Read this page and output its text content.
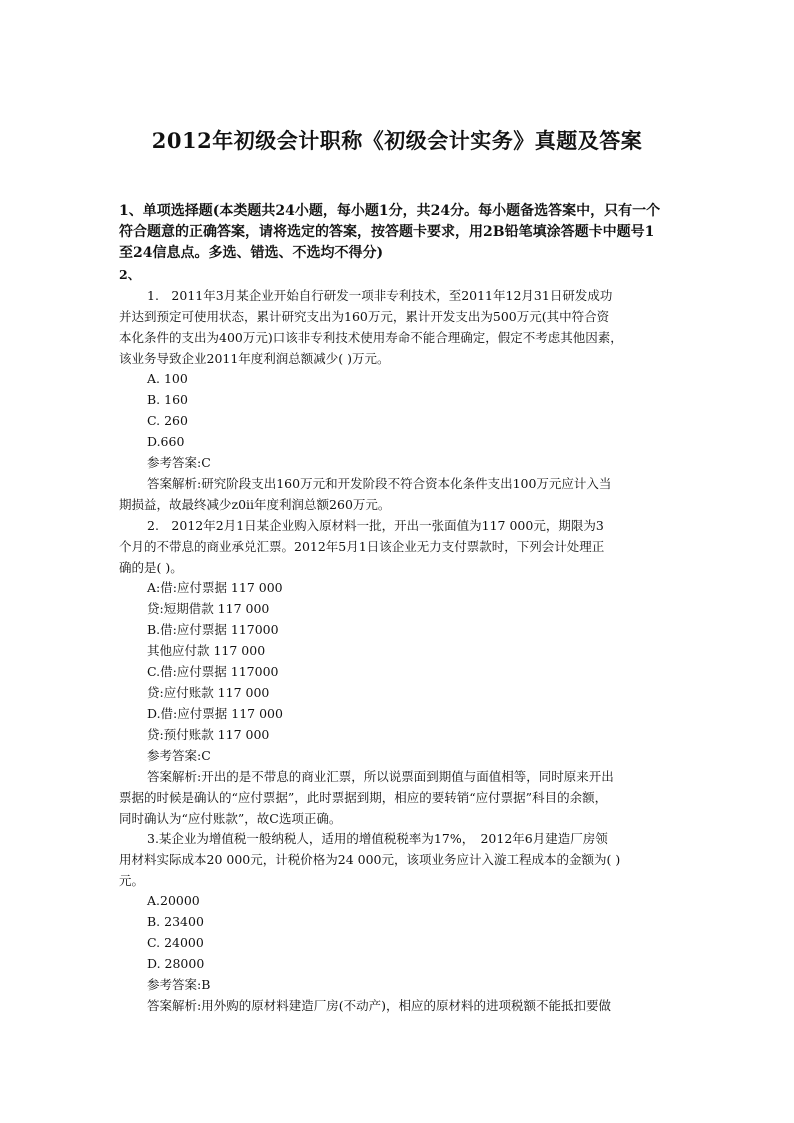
2012年初级会计职称《初级会计实务》真题及答案
1、单项选择题(本类题共24小题，每小题1分，共24分。每小题备选答案中，只有一个
符合题意的正确答案，请将选定的答案，按答题卡要求，用2B铅笔填涂答题卡中题号1
至24信息点。多选、错选、不选均不得分)
2、
1.　2011年3月某企业开始自行研发一项非专利技术，至2011年12月31日研发成功
并达到预定可使用状态，累计研究支出为160万元，累计开发支出为500万元(其中符合资
本化条件的支出为400万元)口该非专利技术使用寿命不能合理确定，假定不考虑其他因素，
该业务导致企业2011年度利润总额减少( )万元。
A. 100
B. 160
C. 260
D.660
参考答案:C
答案解析:研究阶段支出160万元和开发阶段不符合资本化条件支出100万元应计入当
期损益，故最终减少z0ii年度利润总额260万元。
2.　2012年2月1日某企业购入原材料一批，开出一张面值为117 000元，期限为3
个月的不带息的商业承兑汇票。2012年5月1日该企业无力支付票款时，下列会计处理正
确的是( )。
A:借:应付票据 117 000
贷:短期借款 117 000
B.借:应付票据 117000
其他应付款 117 000
C.借:应付票据 117000
贷:应付账款 117 000
D.借:应付票据 117 000
贷:预付账款 117 000
参考答案:C
答案解析:开出的是不带息的商业汇票，所以说票面到期值与面值相等，同时原来开出
票据的时候是确认的“应付票据”，此时票据到期，相应的要转销“应付票据”科目的余额，
同时确认为“应付账款”，故C选项正确。
3.某企业为增值税一般纳税人，适用的增值税税率为17%，　2012年6月建造厂房领
用材料实际成本20 000元，计税价格为24 000元，该项业务应计入漩工程成本的金额为( )
元。
A.20000
B. 23400
C. 24000
D. 28000
参考答案:B
答案解析:用外购的原材料建造厂房(不动产)，相应的原材料的进项税额不能抵扣要做
